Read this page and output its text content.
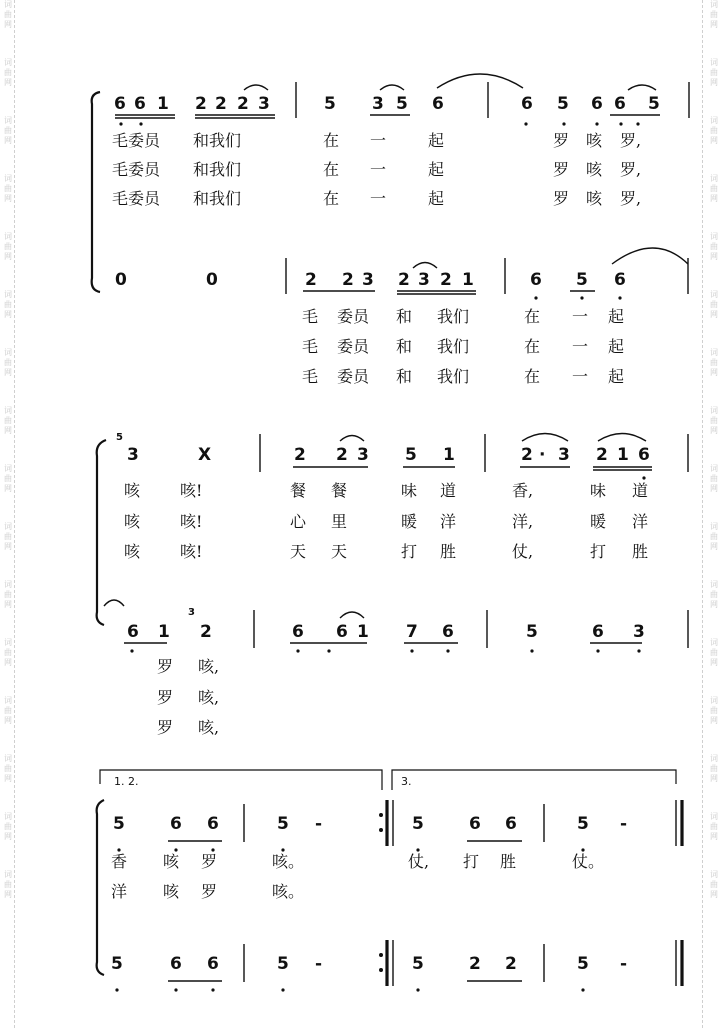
词
曲
网
词
曲
网
词
曲
网
词
曲
网
词
曲
网
词
曲
网
词
曲
网
词
曲
网
词
曲
网
词
曲
网
词
曲
网
词
曲
网
词
曲
网
词
曲
网
词
曲
网
词
曲
网
词
曲
网
词
曲
网
词
曲
网
词
曲
网
词
曲
网
词
曲
网
词
曲
网
词
曲
网
词
曲
网
词
曲
网
词
曲
网
词
曲
网
词
曲
网
词
曲
网
词
曲
网
词
曲
网
6 6 1 2 2 2 3	5 3 5 6	6 5 6 6 5
毛委员 和我们	在 一	起	罗 咳 罗,
毛委员 和我们	在 一	起	罗 咳 罗,
毛委员 和我们	在 一	起	罗 咳 罗,
0	0	2 2 3 2 3 2 1	6 5 6
毛 委员 和 我们	在 一 起
毛 委员 和 我们	在 一 起
毛 委员 和 我们	在 一 起
5
3	X	2 2 3 5 1	2 · 3 2 1 6
咳 咳!	餐 餐	味 道	香,	味 道
咳 咳!	心 里	暖 洋	洋,	暖 洋
咳 咳!	天 天	打 胜	仗,	打 胜
6 1
3
2	6 6 1 7 6	5	6 3
罗 咳,
罗 咳,
罗 咳,
1. 2.	3.
5	6 6	5 -	5	6 6	5 -
香 咳 罗	咳。	仗, 打 胜	仗。
洋 咳 罗	咳。
5	6 6	5 -	5	2 2	5 -
